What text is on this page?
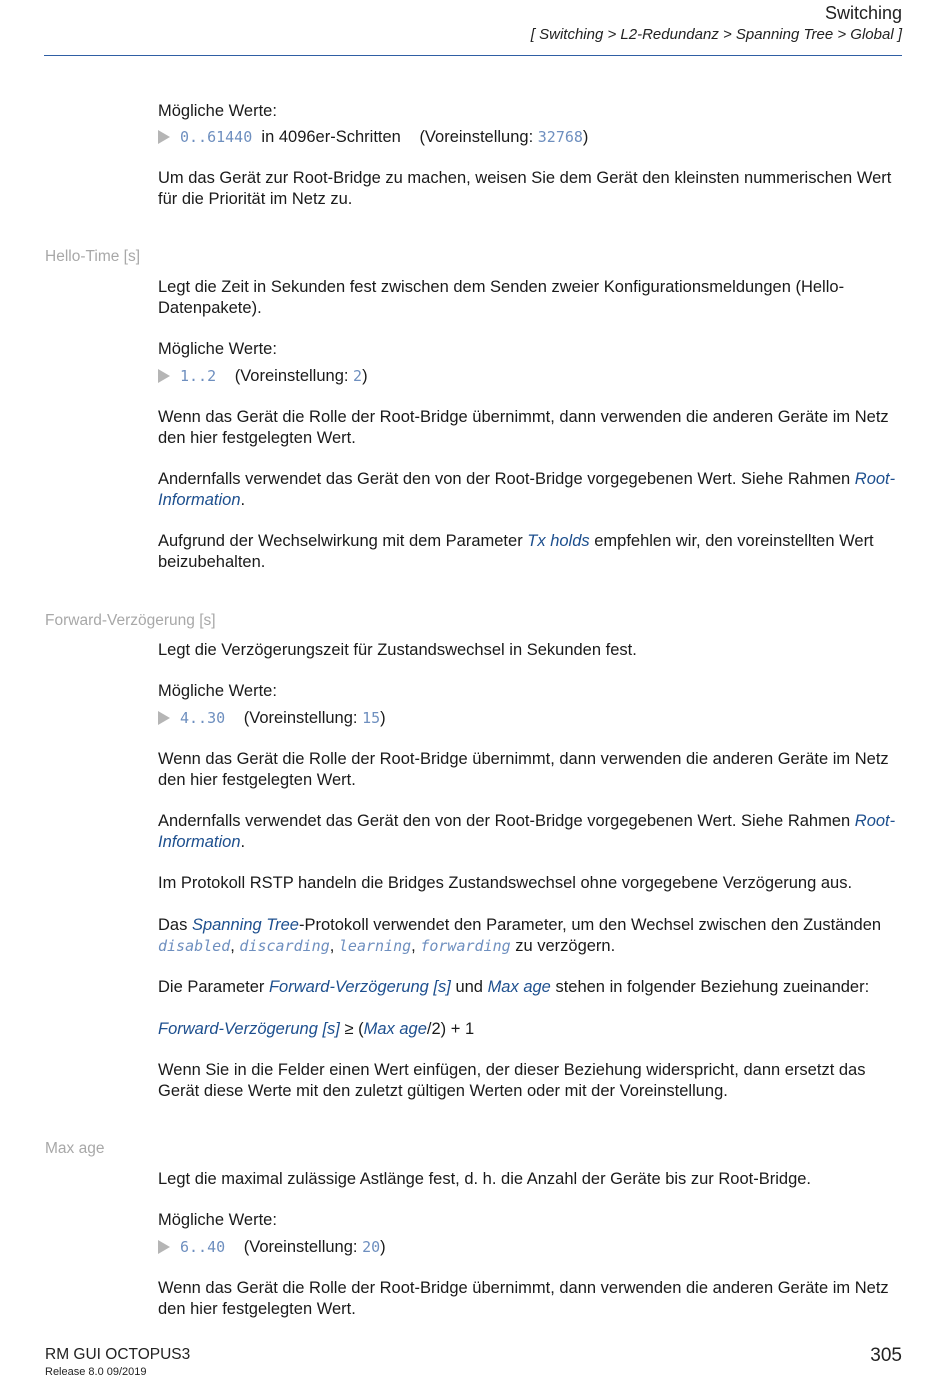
Switching
[ Switching > L2-Redundanz > Spanning Tree > Global ]
Mögliche Werte:
0..61440 in 4096er-Schritten (Voreinstellung: 32768)

Um das Gerät zur Root-Bridge zu machen, weisen Sie dem Gerät den kleinsten nummerischen Wert für die Priorität im Netz zu.

Hello-Time [s]

Legt die Zeit in Sekunden fest zwischen dem Senden zweier Konfigurationsmeldungen (Hello-Datenpakete).

Mögliche Werte:
1..2 (Voreinstellung: 2)

Wenn das Gerät die Rolle der Root-Bridge übernimmt, dann verwenden die anderen Geräte im Netz den hier festgelegten Wert.

Andernfalls verwendet das Gerät den von der Root-Bridge vorgegebenen Wert. Siehe Rahmen Root-Information.

Aufgrund der Wechselwirkung mit dem Parameter Tx holds empfehlen wir, den voreinstellten Wert beizubehalten.

Forward-Verzögerung [s]

Legt die Verzögerungszeit für Zustandswechsel in Sekunden fest.

Mögliche Werte:
4..30 (Voreinstellung: 15)

Wenn das Gerät die Rolle der Root-Bridge übernimmt, dann verwenden die anderen Geräte im Netz den hier festgelegten Wert.

Andernfalls verwendet das Gerät den von der Root-Bridge vorgegebenen Wert. Siehe Rahmen Root-Information.

Im Protokoll RSTP handeln die Bridges Zustandswechsel ohne vorgegebene Verzögerung aus.

Das Spanning Tree-Protokoll verwendet den Parameter, um den Wechsel zwischen den Zuständen disabled, discarding, learning, forwarding zu verzögern.

Die Parameter Forward-Verzögerung [s] und Max age stehen in folgender Beziehung zueinander:

Forward-Verzögerung [s] ≥ (Max age/2) + 1

Wenn Sie in die Felder einen Wert einfügen, der dieser Beziehung widerspricht, dann ersetzt das Gerät diese Werte mit den zuletzt gültigen Werten oder mit der Voreinstellung.

Max age

Legt die maximal zulässige Astlänge fest, d. h. die Anzahl der Geräte bis zur Root-Bridge.

Mögliche Werte:
6..40 (Voreinstellung: 20)

Wenn das Gerät die Rolle der Root-Bridge übernimmt, dann verwenden die anderen Geräte im Netz den hier festgelegten Wert.

RM GUI OCTOPUS3
Release 8.0 09/2019
305
